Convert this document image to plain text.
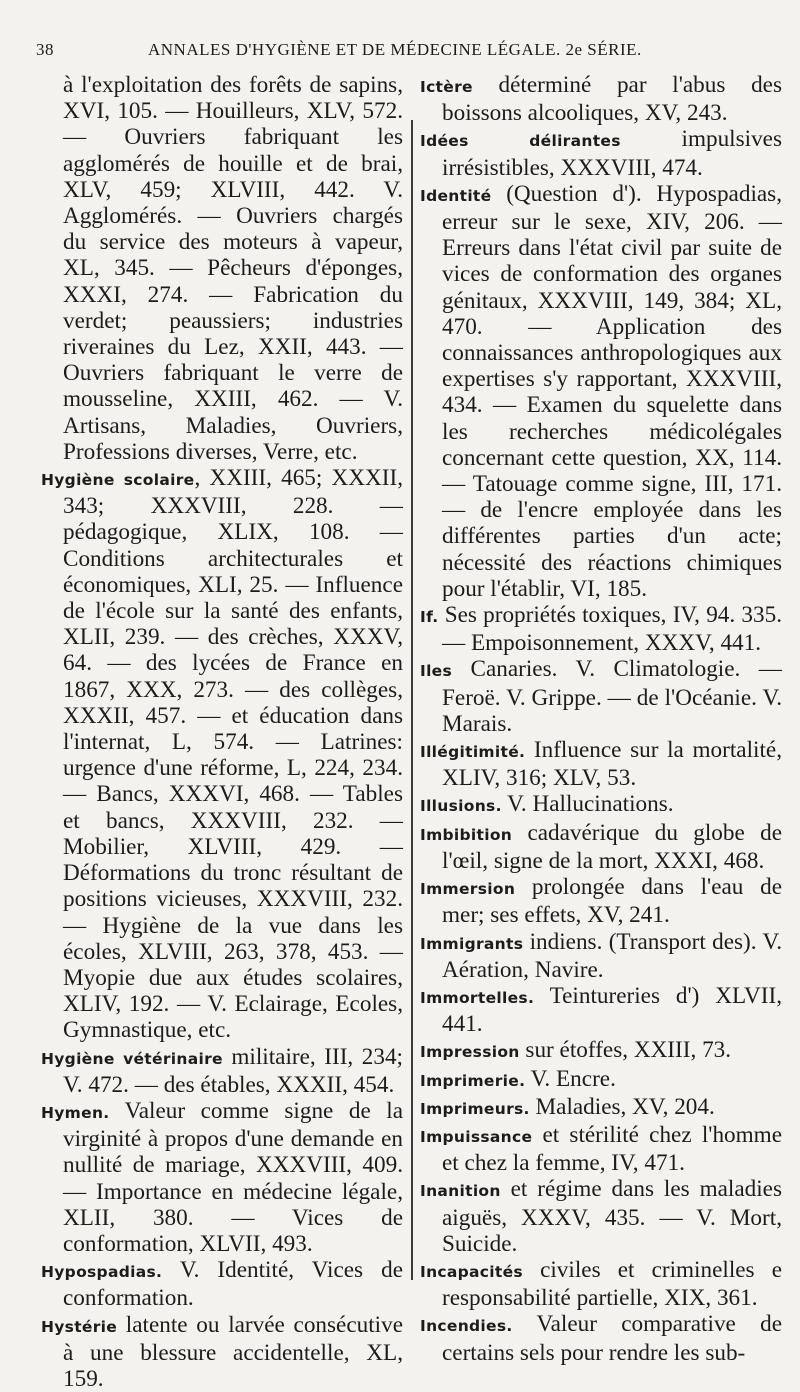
38	ANNALES D'HYGIÈNE ET DE MÉDECINE LÉGALE. 2e SÉRIE.

à l'exploitation des forêts de sapins, XVI, 105. — Houilleurs, XLV, 572. — Ouvriers fabriquant les agglomérés de houille et de brai, XLV, 459; XLVIII, 442. V. Agglomérés. — Ouvriers chargés du service des moteurs à vapeur, XL, 345. — Pêcheurs d'éponges, XXXI, 274. — Fabrication du verdet; peaussiers; industries riveraines du Lez, XXII, 443. — Ouvriers fabriquant le verre de mousseline, XXIII, 462. — V. Artisans, Maladies, Ouvriers, Professions diverses, Verre, etc.

Hygiène scolaire, XXIII, 465; XXXII, 343; XXXVIII, 228. — pédagogique, XLIX, 108. — Conditions architecturales et économiques, XLI, 25. — Influence de l'école sur la santé des enfants, XLII, 239. — des crèches, XXXV, 64. — des lycées de France en 1867, XXX, 273. — des collèges, XXXII, 457. — et éducation dans l'internat, L, 574. — Latrines: urgence d'une réforme, L, 224, 234. — Bancs, XXXVI, 468. — Tables et bancs, XXXVIII, 232. — Mobilier, XLVIII, 429. — Déformations du tronc résultant de positions vicieuses, XXXVIII, 232. — Hygiène de la vue dans les écoles, XLVIII, 263, 378, 453. — Myopie due aux études scolaires, XLIV, 192. — V. Eclairage, Ecoles, Gymnastique, etc.

Hygiène vétérinaire militaire, III, 234; V. 472. — des étables, XXXII, 454.

Hymen. Valeur comme signe de la virginité à propos d'une demande en nullité de mariage, XXXVIII, 409. — Importance en médecine légale, XLII, 380. — Vices de conformation, XLVII, 493.

Hypospadias. V. Identité, Vices de conformation.

Hystérie latente ou larvée consécutive à une blessure accidentelle, XL, 159.

Ictère déterminé par l'abus des boissons alcooliques, XV, 243.

Idées délirantes impulsives irrésistibles, XXXVIII, 474.

Identité (Question d'). Hypospadias, erreur sur le sexe, XIV, 206. — Erreurs dans l'état civil par suite de vices de conformation des organes génitaux, XXXVIII, 149, 384; XL, 470. — Application des connaissances anthropologiques aux expertises s'y rapportant, XXXVIII, 434. — Examen du squelette dans les recherches médicolégales concernant cette question, XX, 114. — Tatouage comme signe, III, 171. — de l'encre employée dans les différentes parties d'un acte; nécessité des réactions chimiques pour l'établir, VI, 185.

If. Ses propriétés toxiques, IV, 94. 335. — Empoisonnement, XXXV, 441.

Iles Canaries. V. Climatologie. — Feroë. V. Grippe. — de l'Océanie. V. Marais.

Illégitimité. Influence sur la mortalité, XLIV, 316; XLV, 53.

Illusions. V. Hallucinations.

Imbibition cadavérique du globe de l'œil, signe de la mort, XXXI, 468.

Immersion prolongée dans l'eau de mer; ses effets, XV, 241.

Immigrants indiens. (Transport des). V. Aération, Navire.

Immortelles. Teintureries d') XLVII, 441.

Impression sur étoffes, XXIII, 73.

Imprimerie. V. Encre.

Imprimeurs. Maladies, XV, 204.

Impuissance et stérilité chez l'homme et chez la femme, IV, 471.

Inanition et régime dans les maladies aiguës, XXXV, 435. — V. Mort, Suicide.

Incapacités civiles et criminelles e responsabilité partielle, XIX, 361.

Incendies. Valeur comparative de certains sels pour rendre les sub-
